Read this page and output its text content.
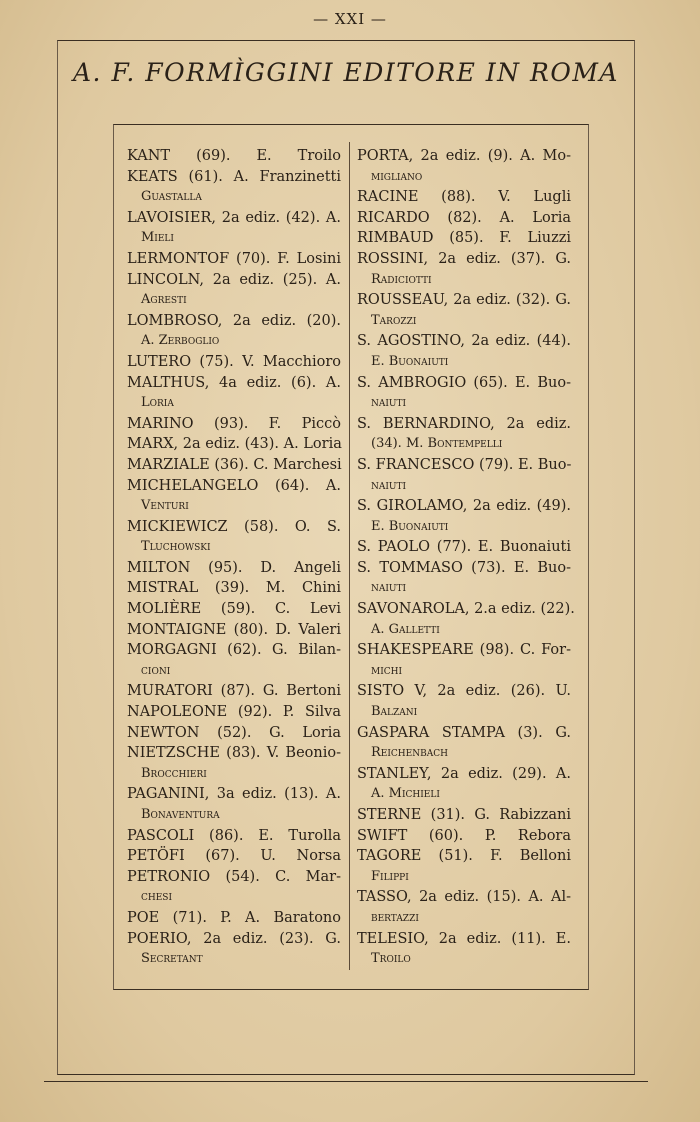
— XXI —
A. F. FORMÌGGINI EDITORE IN ROMA
KANT (69). E. Troilo
KEATS (61). A. Franzinetti
Guastalla
LAVOISIER, 2a ediz. (42). A.
Mieli
LERMONTOF (70). F. Losini
LINCOLN, 2a ediz. (25). A.
Agresti
LOMBROSO, 2a ediz. (20).
A. Zerboglio
LUTERO (75). V. Macchioro
MALTHUS, 4a ediz. (6). A.
Loria
MARINO (93). F. Piccò
MARX, 2a ediz. (43). A. Loria
MARZIALE (36). C. Marchesi
MICHELANGELO (64). A.
Venturi
MICKIEWICZ (58). O. S.
Tluchowski
MILTON (95). D. Angeli
MISTRAL (39). M. Chini
MOLIÈRE (59). C. Levi
MONTAIGNE (80). D. Valeri
MORGAGNI (62). G. Bilan-
cioni
MURATORI (87). G. Bertoni
NAPOLEONE (92). P. Silva
NEWTON (52). G. Loria
NIETZSCHE (83). V. Beonio-
Brocchieri
PAGANINI, 3a ediz. (13). A.
Bonaventura
PASCOLI (86). E. Turolla
PETÖFI (67). U. Norsa
PETRONIO (54). C. Mar-
chesi
POE (71). P. A. Baratono
POERIO, 2a ediz. (23). G.
Secretant
PORTA, 2a ediz. (9). A. Mo-
migliano
RACINE (88). V. Lugli
RICARDO (82). A. Loria
RIMBAUD (85). F. Liuzzi
ROSSINI, 2a ediz. (37). G.
Radiciotti
ROUSSEAU, 2a ediz. (32). G.
Tarozzi
S. AGOSTINO, 2a ediz. (44).
E. Buonaiuti
S. AMBROGIO (65). E. Buo-
naiuti
S. BERNARDINO, 2a ediz.
(34). M. Bontempelli
S. FRANCESCO (79). E. Buo-
naiuti
S. GIROLAMO, 2a ediz. (49).
E. Buonaiuti
S. PAOLO (77). E. Buonaiuti
S. TOMMASO (73). E. Buo-
naiuti
SAVONAROLA, 2.a ediz. (22).
A. Galletti
SHAKESPEARE (98). C. For-
michi
SISTO V, 2a ediz. (26). U.
Balzani
GASPARA STAMPA (3). G.
Reichenbach
STANLEY, 2a ediz. (29). A.
A. Michieli
STERNE (31). G. Rabizzani
SWIFT (60). P. Rebora
TAGORE (51). F. Belloni
Filippi
TASSO, 2a ediz. (15). A. Al-
bertazzi
TELESIO, 2a ediz. (11). E.
Troilo
